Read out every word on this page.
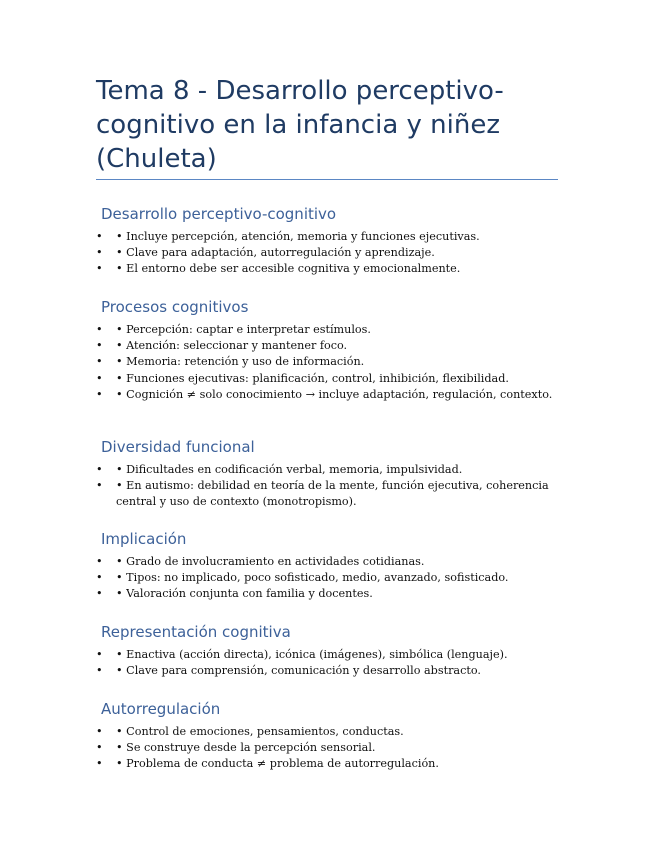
Tema 8 - Desarrollo perceptivo-cognitivo en la infancia y niñez (Chuleta)
Desarrollo perceptivo-cognitivo
• • Incluye percepción, atención, memoria y funciones ejecutivas.
• • Clave para adaptación, autorregulación y aprendizaje.
• • El entorno debe ser accesible cognitiva y emocionalmente.
Procesos cognitivos
• • Percepción: captar e interpretar estímulos.
• • Atención: seleccionar y mantener foco.
• • Memoria: retención y uso de información.
• • Funciones ejecutivas: planificación, control, inhibición, flexibilidad.
• • Cognición ≠ solo conocimiento → incluye adaptación, regulación, contexto.
Diversidad funcional
• • Dificultades en codificación verbal, memoria, impulsividad.
• • En autismo: debilidad en teoría de la mente, función ejecutiva, coherencia central y uso de contexto (monotropismo).
Implicación
• • Grado de involucramiento en actividades cotidianas.
• • Tipos: no implicado, poco sofisticado, medio, avanzado, sofisticado.
• • Valoración conjunta con familia y docentes.
Representación cognitiva
• • Enactiva (acción directa), icónica (imágenes), simbólica (lenguaje).
• • Clave para comprensión, comunicación y desarrollo abstracto.
Autorregulación
• • Control de emociones, pensamientos, conductas.
• • Se construye desde la percepción sensorial.
• • Problema de conducta ≠ problema de autorregulación.
